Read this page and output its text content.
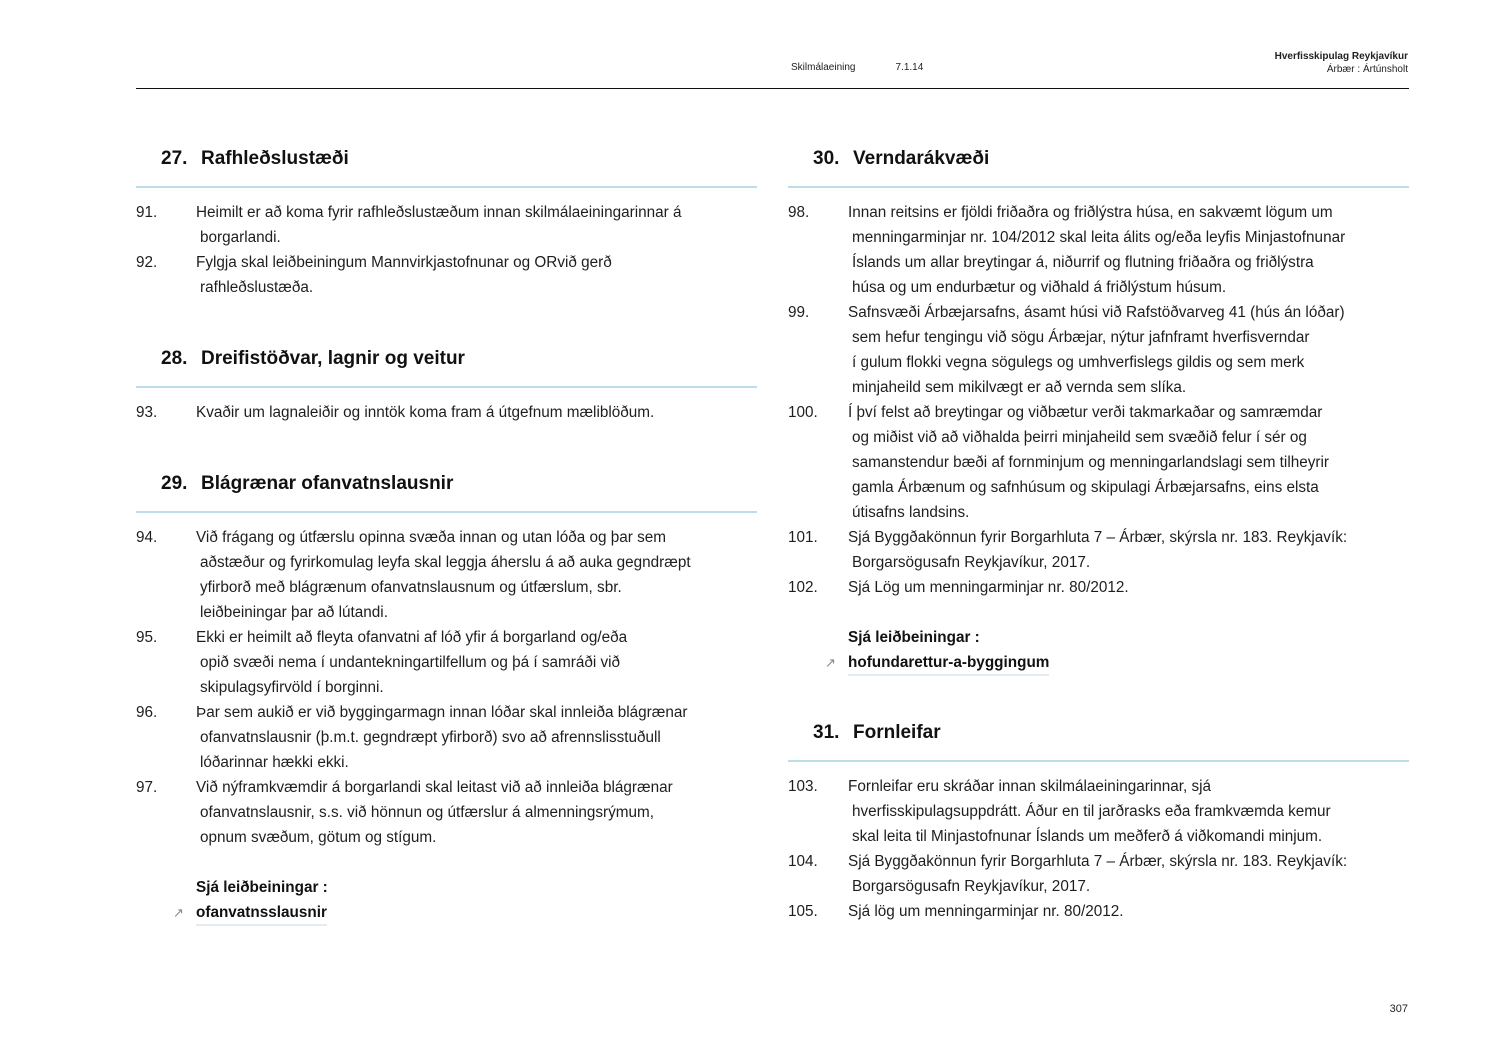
Skilmálaeining	7.1.14
Hverfisskipulag Reykjavíkur
Árbær : Ártúnsholt
27. Rafhleðslustæði
91.	Heimilt er að koma fyrir rafhleðslustæðum innan skilmálaeiningarinnar á
borgarlandi.
92.	Fylgja skal leiðbeiningum Mannvirkjastofnunar og ORvið gerð
rafhleðslustæða.
28. Dreifistöðvar, lagnir og veitur
93.	Kvaðir um lagnaleiðir og inntök koma fram á útgefnum mæliblöðum.
29. Blágrænar ofanvatnslausnir
94.	Við frágang og útfærslu opinna svæða innan og utan lóða og þar sem
aðstæður og fyrirkomulag leyfa skal leggja áherslu á að auka gegndræpt
yfirborð með blágrænum ofanvatnslausnum og útfærslum, sbr.
leiðbeiningar þar að lútandi.
95.	Ekki er heimilt að fleyta ofanvatni af lóð yfir á borgarland og/eða
opið svæði nema í undantekningartilfellum og þá í samráði við
skipulagsyfirvöld í borginni.
96.	Þar sem aukið er við byggingarmagn innan lóðar skal innleiða blágrænar
ofanvatnslausnir (þ.m.t. gegndræpt yfirborð) svo að afrennslisstuðull
lóðarinnar hækki ekki.
97.	Við nýframkvæmdir á borgarlandi skal leitast við að innleiða blágrænar
ofanvatnslausnir, s.s. við hönnun og útfærslur á almenningsrýmum,
opnum svæðum, götum og stígum.
Sjá leiðbeiningar :
↗ ofanvatnsslausnir
30. Verndarákvæði
98.	Innan reitsins er fjöldi friðaðra og friðlýstra húsa, en sakvæmt lögum um
menningarminjar nr. 104/2012 skal leita álits og/eða leyfis Minjastofnunar
Íslands um allar breytingar á, niðurrif og flutning friðaðra og friðlýstra
húsa og um endurbætur og viðhald á friðlýstum húsum.
99.	Safnsvæði Árbæjarsafns, ásamt húsi við Rafstöðvarveg 41 (hús án lóðar)
sem hefur tengingu við sögu Árbæjar, nýtur jafnframt hverfisverndar
í gulum flokki vegna sögulegs og umhverfislegs gildis og sem merk
minjaheild sem mikilvægt er að vernda sem slíka.
100.	Í því felst að breytingar og viðbætur verði takmarkaðar og samræmdar
og miðist við að viðhalda þeirri minjaheild sem svæðið felur í sér og
samanstendur bæði af fornminjum og menningarlandslagi sem tilheyrir
gamla Árbænum og safnhúsum og skipulagi Árbæjarsafns, eins elsta
útisafns landsins.
101.	Sjá Byggðakönnun fyrir Borgarhluta 7 – Árbær, skýrsla nr. 183. Reykjavík:
Borgarsögusafn Reykjavíkur, 2017.
102.	Sjá Lög um menningarminjar nr. 80/2012.
Sjá leiðbeiningar :
↗ hofundarettur-a-byggingum
31. Fornleifar
103.	Fornleifar eru skráðar innan skilmálaeiningarinnar, sjá
hverfisskipulagsuppdrátt. Áður en til jarðrasks eða framkvæmda kemur
skal leita til Minjastofnunar Íslands um meðferð á viðkomandi minjum.
104.	Sjá Byggðakönnun fyrir Borgarhluta 7 – Árbær, skýrsla nr. 183. Reykjavík:
Borgarsögusafn Reykjavíkur, 2017.
105.	Sjá lög um menningarminjar nr. 80/2012.
307
